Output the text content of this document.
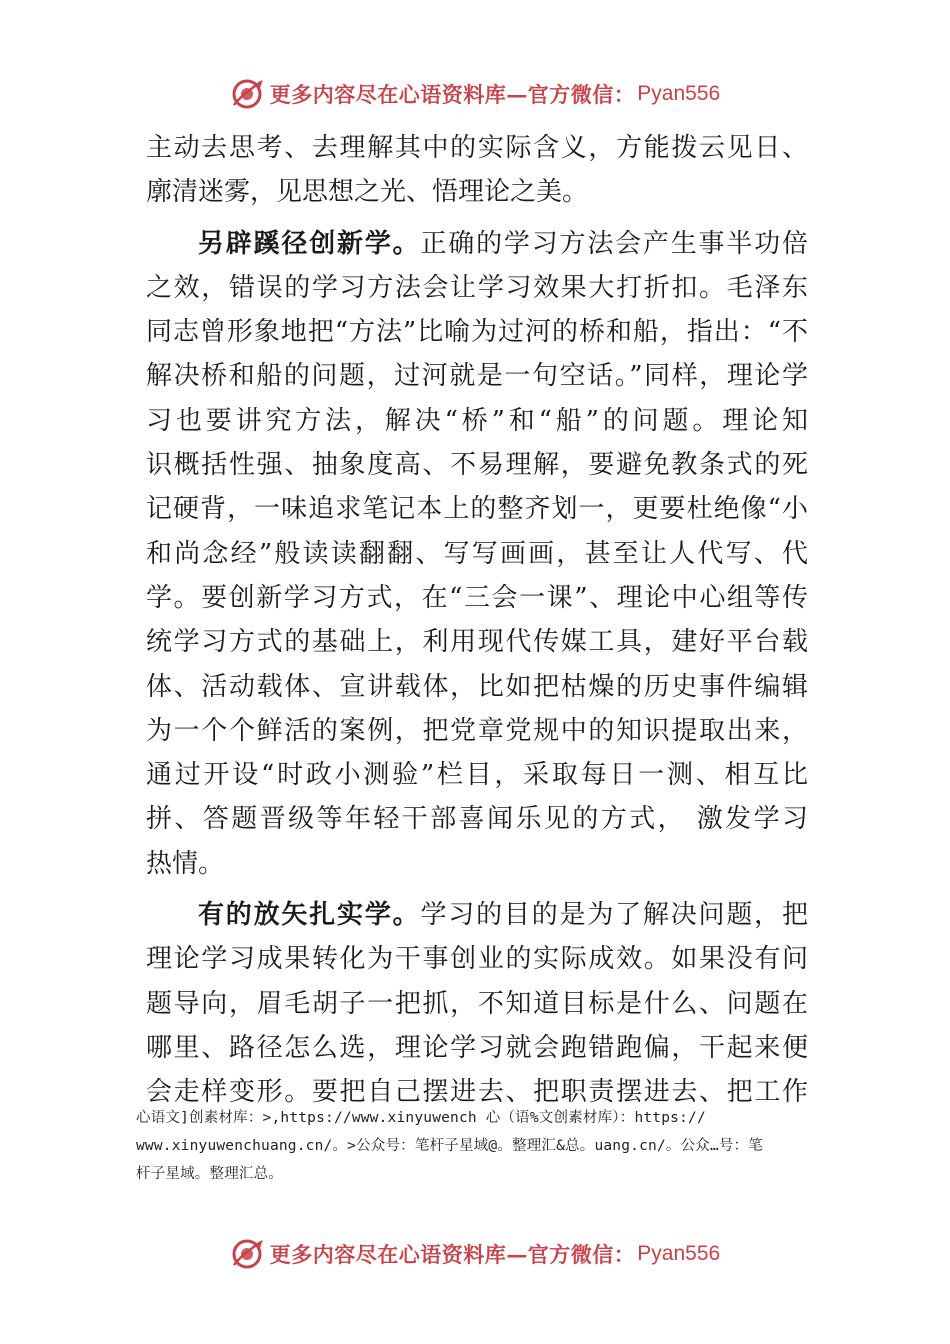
更多内容尽在心语资料库—官方微信： Pyan556
主动去思考、去理解其中的实际含义，方能拨云见日、
廓清迷雾，见思想之光、悟理论之美。
另辟蹊径创新学。正确的学习方法会产生事半功倍
之效，错误的学习方法会让学习效果大打折扣。毛泽东
同志曾形象地把“方法”比喻为过河的桥和船，指出：“不
解决桥和船的问题，过河就是一句空话。”同样，理论学
习也要讲究方法，解决“桥”和“船”的问题。理论知
识概括性强、抽象度高、不易理解，要避免教条式的死
记硬背，一味追求笔记本上的整齐划一，更要杜绝像“小
和尚念经”般读读翻翻、写写画画，甚至让人代写、代
学。要创新学习方式，在“三会一课”、理论中心组等传
统学习方式的基础上，利用现代传媒工具，建好平台载
体、活动载体、宣讲载体，比如把枯燥的历史事件编辑
为一个个鲜活的案例，把党章党规中的知识提取出来，
通过开设“时政小测验”栏目，采取每日一测、相互比
拼、答题晋级等年轻干部喜闻乐见的方式， 激发学习
热情。
有的放矢扎实学。学习的目的是为了解决问题，把
理论学习成果转化为干事创业的实际成效。如果没有问
题导向，眉毛胡子一把抓，不知道目标是什么、问题在
哪里、路径怎么选，理论学习就会跑错跑偏，干起来便
会走样变形。要把自己摆进去、把职责摆进去、把工作
心语文]创素材库：>,https://www.xinyuwench 心（语%文创素材库）：https://
www.xinyuwenchuang.cn/。>公众号：笔杆子星域@。整理汇&总。uang.cn/。公众…号：笔
杆子星域。整理汇总。
更多内容尽在心语资料库—官方微信： Pyan556
